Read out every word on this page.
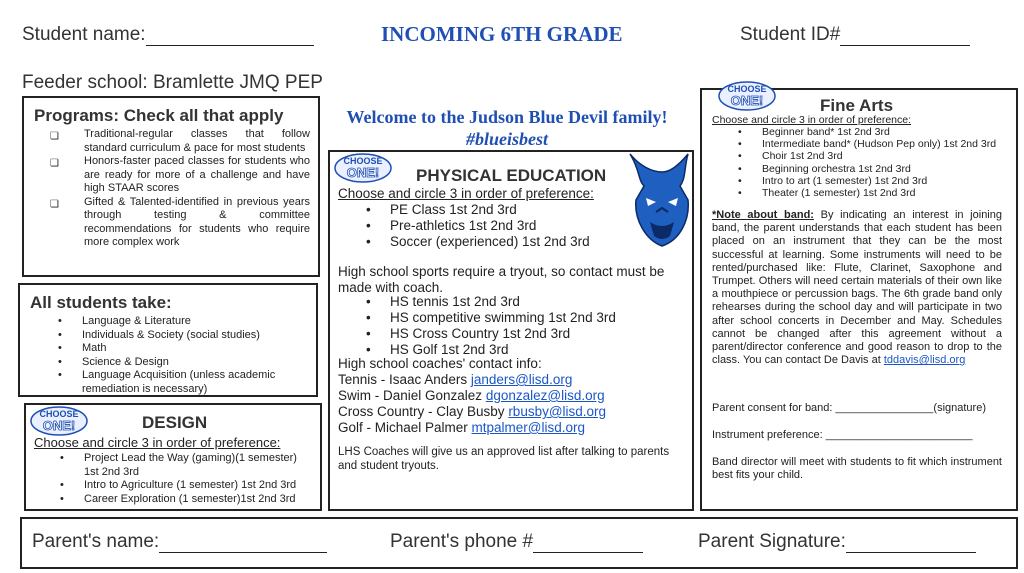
Student name:	INCOMING 6TH GRADE	Student ID#
Feeder school: Bramlette JMQ PEP
Programs: Check all that apply
❏ Traditional-regular classes that follow standard curriculum & pace for most students
❏ Honors-faster paced classes for students who are ready for more of a challenge and have high STAAR scores
❏ Gifted & Talented-identified in previous years through testing & committee recommendations for students who require more complex work
All students take:
• Language & Literature
• Individuals & Society (social studies)
• Math
• Science & Design
• Language Acquisition (unless academic remediation is necessary)
CHOOSE
ONE!	DESIGN
Choose and circle 3 in order of preference:
• Project Lead the Way (gaming)(1 semester) 1st 2nd 3rd
• Intro to Agriculture (1 semester) 1st 2nd 3rd
• Career Exploration (1 semester)1st 2nd 3rd
Welcome to the Judson Blue Devil family!
#blueisbest
CHOOSE
ONE! PHYSICAL EDUCATION
Choose and circle 3 in order of preference:
• PE Class 1st 2nd 3rd
• Pre-athletics 1st 2nd 3rd
• Soccer (experienced) 1st 2nd 3rd
High school sports require a tryout, so contact must be made with coach.
• HS tennis 1st 2nd 3rd
• HS competitive swimming 1st 2nd 3rd
• HS Cross Country 1st 2nd 3rd
• HS Golf 1st 2nd 3rd
High school coaches' contact info:
Tennis - Isaac Anders janders@lisd.org
Swim - Daniel Gonzalez dgonzalez@lisd.org
Cross Country - Clay Busby rbusby@lisd.org
Golf - Michael Palmer mtpalmer@lisd.org
LHS Coaches will give us an approved list after talking to parents and student tryouts.
CHOOSE
ONE!	Fine Arts
Choose and circle 3 in order of preference:
• Beginner band* 1st 2nd 3rd
• Intermediate band* (Hudson Pep only) 1st 2nd 3rd
• Choir 1st 2nd 3rd
• Beginning orchestra 1st 2nd 3rd
• Intro to art (1 semester) 1st 2nd 3rd
• Theater (1 semester) 1st 2nd 3rd
*Note about band: By indicating an interest in joining band, the parent understands that each student has been placed on an instrument that they can be the most successful at learning. Some instruments will need to be rented/purchased like: Flute, Clarinet, Saxophone and Trumpet. Others will need certain materials of their own like a mouthpiece or percussion bags. The 6th grade band only rehearses during the school day and will participate in two after school concerts in December and May. Schedules cannot be changed after this agreement without a parent/director conference and good reason to drop to the class. You can contact De Davis at tddavis@lisd.org
Parent consent for band: ________________(signature)
Instrument preference: ________________________
Band director will meet with students to fit which instrument best fits your child.
Parent's name:	Parent's phone #	Parent Signature:
